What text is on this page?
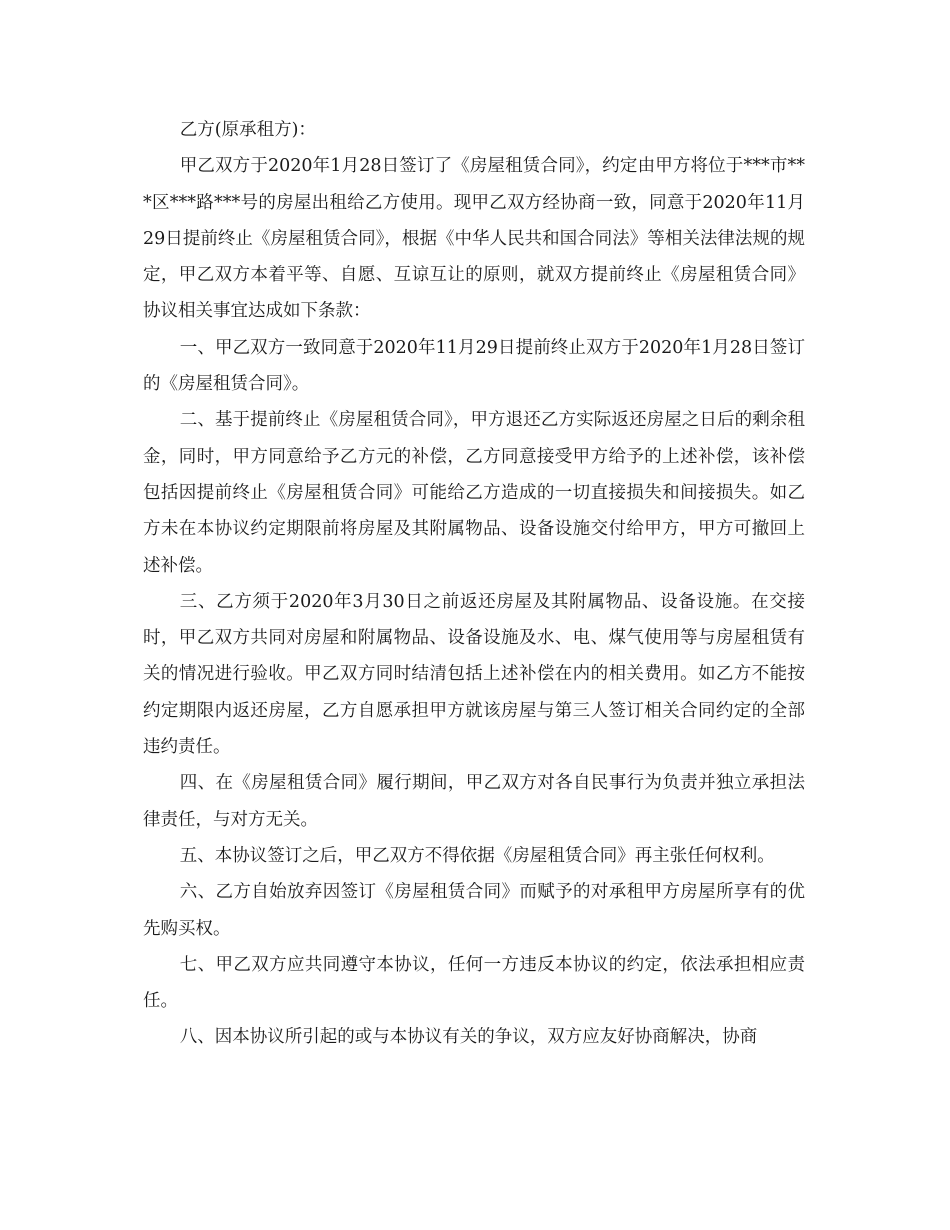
乙方(原承租方)：

甲乙双方于2020年1月28日签订了《房屋租赁合同》，约定由甲方将位于***市***区***路***号的房屋出租给乙方使用。现甲乙双方经协商一致，同意于2020年11月29日提前终止《房屋租赁合同》，根据《中华人民共和国合同法》等相关法律法规的规定，甲乙双方本着平等、自愿、互谅互让的原则，就双方提前终止《房屋租赁合同》协议相关事宜达成如下条款：

一、甲乙双方一致同意于2020年11月29日提前终止双方于2020年1月28日签订的《房屋租赁合同》。

二、基于提前终止《房屋租赁合同》，甲方退还乙方实际返还房屋之日后的剩余租金，同时，甲方同意给予乙方元的补偿，乙方同意接受甲方给予的上述补偿，该补偿包括因提前终止《房屋租赁合同》可能给乙方造成的一切直接损失和间接损失。如乙方未在本协议约定期限前将房屋及其附属物品、设备设施交付给甲方，甲方可撤回上述补偿。

三、乙方须于2020年3月30日之前返还房屋及其附属物品、设备设施。在交接时，甲乙双方共同对房屋和附属物品、设备设施及水、电、煤气使用等与房屋租赁有关的情况进行验收。甲乙双方同时结清包括上述补偿在内的相关费用。如乙方不能按约定期限内返还房屋，乙方自愿承担甲方就该房屋与第三人签订相关合同约定的全部违约责任。

四、在《房屋租赁合同》履行期间，甲乙双方对各自民事行为负责并独立承担法律责任，与对方无关。

五、本协议签订之后，甲乙双方不得依据《房屋租赁合同》再主张任何权利。

六、乙方自始放弃因签订《房屋租赁合同》而赋予的对承租甲方房屋所享有的优先购买权。

七、甲乙双方应共同遵守本协议，任何一方违反本协议的约定，依法承担相应责任。

八、因本协议所引起的或与本协议有关的争议，双方应友好协商解决，协商
